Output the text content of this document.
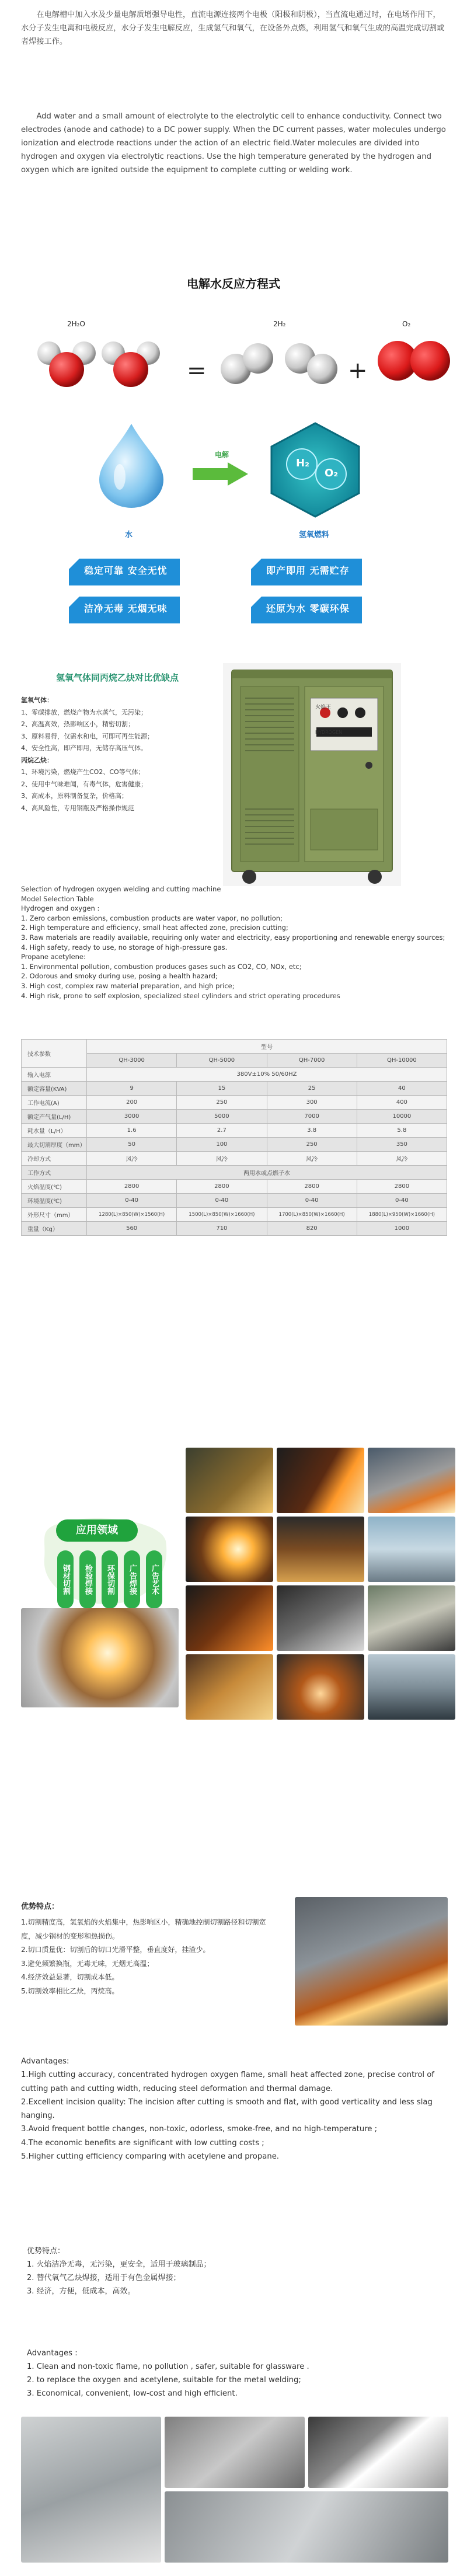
在电解槽中加入水及少量电解质增强导电性，直流电源连接两个电极（阳极和阴极），当直流电通过时，在电场作用下，水分子发生电离和电极反应，水分子发生电解反应，生成氢气和氧气，在设备外点燃，利用氢气和氧气生成的高温完成切割或者焊接工作。

Add water and a small amount of electrolyte to the electrolytic cell to enhance conductivity. Connect two electrodes (anode and cathode) to a DC power supply. When the DC current passes, water molecules undergo ionization and electrode reactions under the action of an electric field.Water molecules are divided into hydrogen and oxygen via electrolytic reactions. Use the high temperature generated by the hydrogen and oxygen which are ignited outside the equipment to complete cutting or welding work.

电解水反应方程式
2H₂O	2H₂	O₂
=	+
水
电解
H₂
O₂
氢氧燃料
稳定可靠 安全无忧	即产即用 无需贮存
洁净无毒 无烟无味	还原为水 零碳环保
氢氧气体同丙烷乙炔对比优缺点
氢氧气体：
1、零碳排放，燃烧产物为水蒸气，无污染；
2、高温高效，热影响区小，精密切割；
3、原料易得，仅需水和电，可即可再生能源；
4、安全性高，即产即用，无储存高压气体。
丙烷乙炔：
1、环境污染，燃烧产生CO2、CO等气体；
2、使用中气味难闻，有毒气体，危害健康；
3、高成本，原料制备复杂，价格高；
4、高风险性，专用钢瓶及严格操作规范
火焰王
HYDROGEN
Selection of hydrogen oxygen welding and cutting machine
Model Selection Table
Hydrogen and oxygen :
1. Zero carbon emissions, combustion products are water vapor, no pollution;
2. High temperature and efficiency, small heat affected zone, precision cutting;
3. Raw materials are readily available, requiring only water and electricity, easy proportioning and renewable energy sources;
4. High safety, ready to use, no storage of high-pressure gas.
Propane acetylene:
1. Environmental pollution, combustion produces gases such as CO2, CO, NOx, etc;
2. Odorous and smoky during use, posing a health hazard;
3. High cost, complex raw material preparation, and high price;
4. High risk, prone to self explosion, specialized steel cylinders and strict operating procedures
技术参数	型号			
	QH-3000	QH-5000	QH-7000	QH-10000
输入电源	380V±10% 50/60HZ			
额定容量(KVA)	9	15	25	40
工作电流(A)	200	250	300	400
额定产气量(L/H)	3000	5000	7000	10000
耗水量（L/H）	1.6	2.7	3.8	5.8
最大切割厚度（mm）	50	100	250	350
冷却方式	风冷	风冷	风冷	风冷
工作方式	两用水或点燃子水			
火焰温度(℃)	2800	2800	2800	2800
环境温度(℃)	0-40	0-40	0-40	0-40
外形尺寸（mm）	1280(L)×850(W)×1560(H)	1500(L)×850(W)×1660(H)	1700(L)×850(W)×1660(H)	1880(L)×950(W)×1660(H)
重量（Kg）	560	710	820	1000
应用领域
钢材切割	检验焊接	环保切割	广告焊接	广告艺术
优势特点：
1.切割精度高，氢氧焰的火焰集中，热影响区小，精确地控制切割路径和切割宽度，减少钢材的变形和热损伤。
2.切口质量优：切割后的切口光滑平整，垂直度好，挂渣少。
3.避免频繁换瓶，无毒无味，无烟无高温；
4.经济效益显著，切割成本低。
5.切割效率相比乙炔，丙烷高。
Advantages:
1.High cutting accuracy, concentrated hydrogen oxygen flame, small heat affected zone, precise control of cutting path and cutting width, reducing steel deformation and thermal damage.
2.Excellent incision quality: The incision after cutting is smooth and flat, with good verticality and less slag hanging.
3.Avoid frequent bottle changes, non-toxic, odorless, smoke-free, and no high-temperature ;
4.The economic benefits are significant with low cutting costs ;
5.Higher cutting efficiency comparing with acetylene and propane.
优势特点：
1. 火焰洁净无毒，无污染，更安全，适用于玻璃制品；
2. 替代氧气乙炔焊接，适用于有色金属焊接；
3. 经济，方便，低成本，高效。
Advantages :
1. Clean and non-toxic flame, no pollution , safer, suitable for glassware .
2. to replace the oxygen and acetylene, suitable for the metal welding;
3. Economical, convenient, low-cost and high efficient.
